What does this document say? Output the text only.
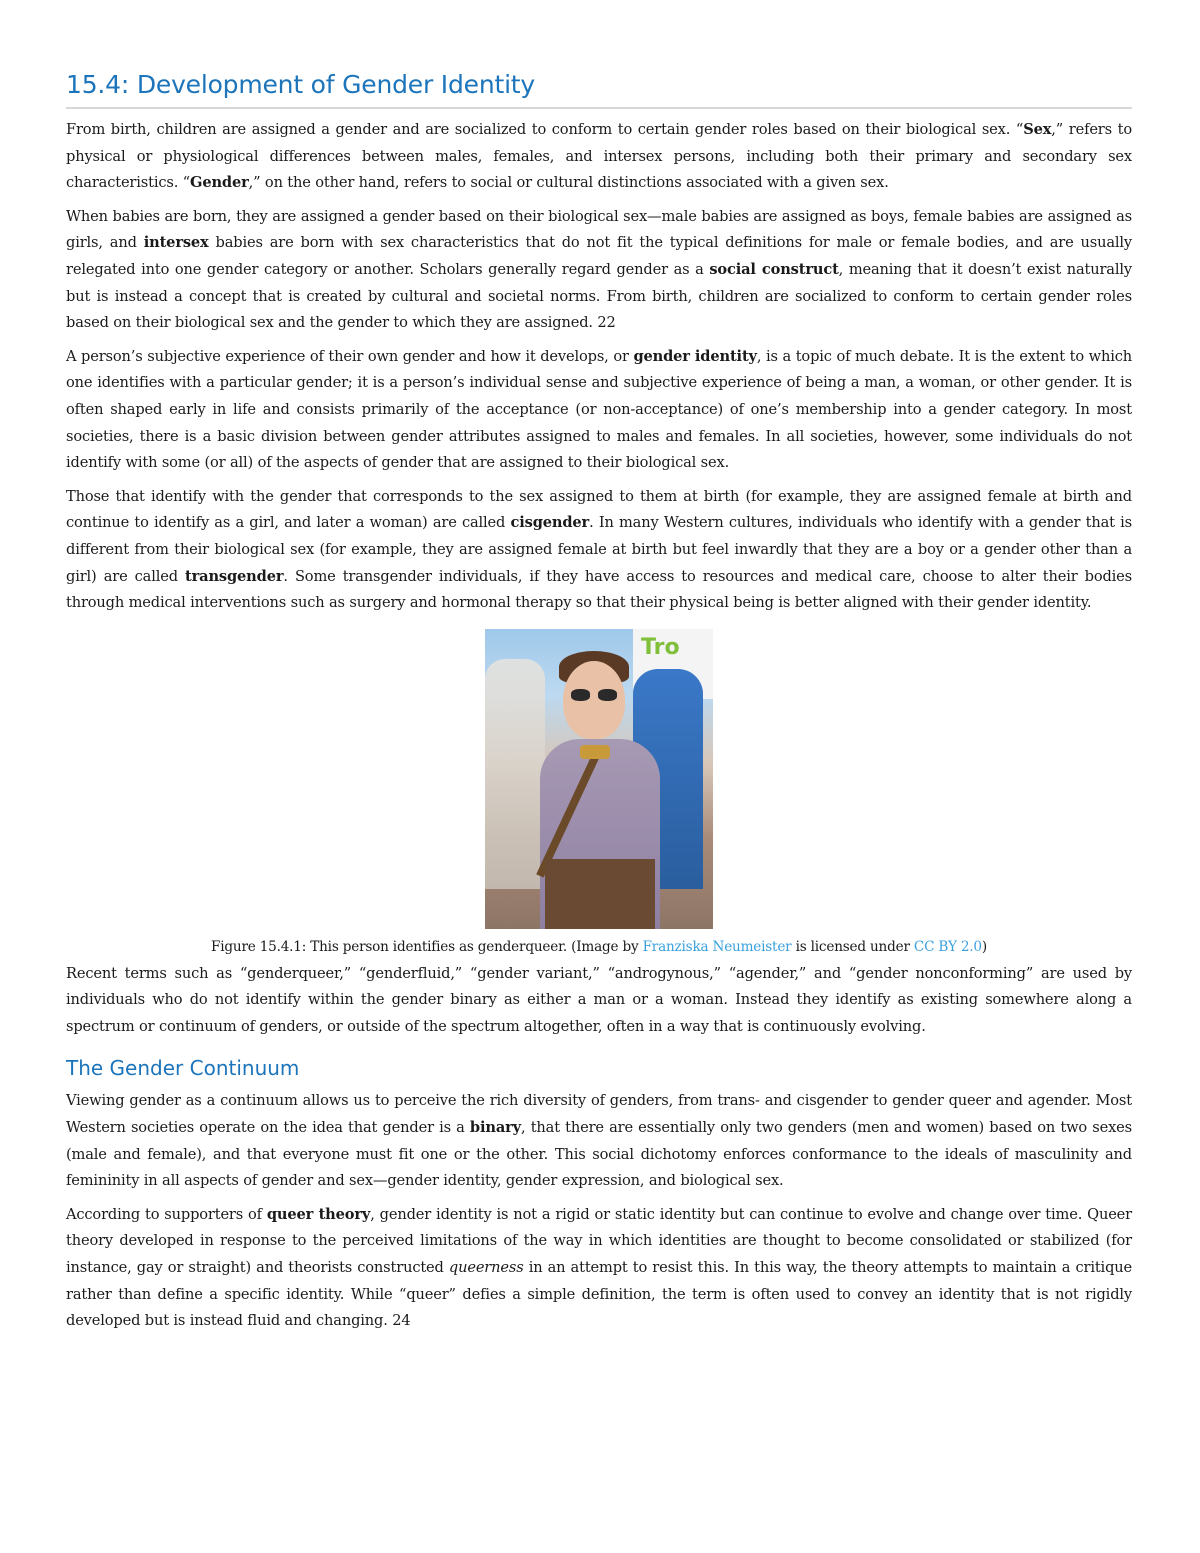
15.4: Development of Gender Identity

From birth, children are assigned a gender and are socialized to conform to certain gender roles based on their biological sex. “Sex,” refers to physical or physiological differences between males, females, and intersex persons, including both their primary and secondary sex characteristics. “Gender,” on the other hand, refers to social or cultural distinctions associated with a given sex.

When babies are born, they are assigned a gender based on their biological sex—male babies are assigned as boys, female babies are assigned as girls, and intersex babies are born with sex characteristics that do not fit the typical definitions for male or female bodies, and are usually relegated into one gender category or another. Scholars generally regard gender as a social construct, meaning that it doesn’t exist naturally but is instead a concept that is created by cultural and societal norms. From birth, children are socialized to conform to certain gender roles based on their biological sex and the gender to which they are assigned. 22

A person’s subjective experience of their own gender and how it develops, or gender identity, is a topic of much debate. It is the extent to which one identifies with a particular gender; it is a person’s individual sense and subjective experience of being a man, a woman, or other gender. It is often shaped early in life and consists primarily of the acceptance (or non-acceptance) of one’s membership into a gender category. In most societies, there is a basic division between gender attributes assigned to males and females. In all societies, however, some individuals do not identify with some (or all) of the aspects of gender that are assigned to their biological sex.

Those that identify with the gender that corresponds to the sex assigned to them at birth (for example, they are assigned female at birth and continue to identify as a girl, and later a woman) are called cisgender. In many Western cultures, individuals who identify with a gender that is different from their biological sex (for example, they are assigned female at birth but feel inwardly that they are a boy or a gender other than a girl) are called transgender. Some transgender individuals, if they have access to resources and medical care, choose to alter their bodies through medical interventions such as surgery and hormonal therapy so that their physical being is better aligned with their gender identity.

Tro
Figure 15.4.1: This person identifies as genderqueer. (Image by Franziska Neumeister is licensed under CC BY 2.0)

Recent terms such as “genderqueer,” “genderfluid,” “gender variant,” “androgynous,” “agender,” and “gender nonconforming” are used by individuals who do not identify within the gender binary as either a man or a woman. Instead they identify as existing somewhere along a spectrum or continuum of genders, or outside of the spectrum altogether, often in a way that is continuously evolving.

The Gender Continuum

Viewing gender as a continuum allows us to perceive the rich diversity of genders, from trans- and cisgender to gender queer and agender. Most Western societies operate on the idea that gender is a binary, that there are essentially only two genders (men and women) based on two sexes (male and female), and that everyone must fit one or the other. This social dichotomy enforces conformance to the ideals of masculinity and femininity in all aspects of gender and sex—gender identity, gender expression, and biological sex.

According to supporters of queer theory, gender identity is not a rigid or static identity but can continue to evolve and change over time. Queer theory developed in response to the perceived limitations of the way in which identities are thought to become consolidated or stabilized (for instance, gay or straight) and theorists constructed queerness in an attempt to resist this. In this way, the theory attempts to maintain a critique rather than define a specific identity. While “queer” defies a simple definition, the term is often used to convey an identity that is not rigidly developed but is instead fluid and changing. 24
